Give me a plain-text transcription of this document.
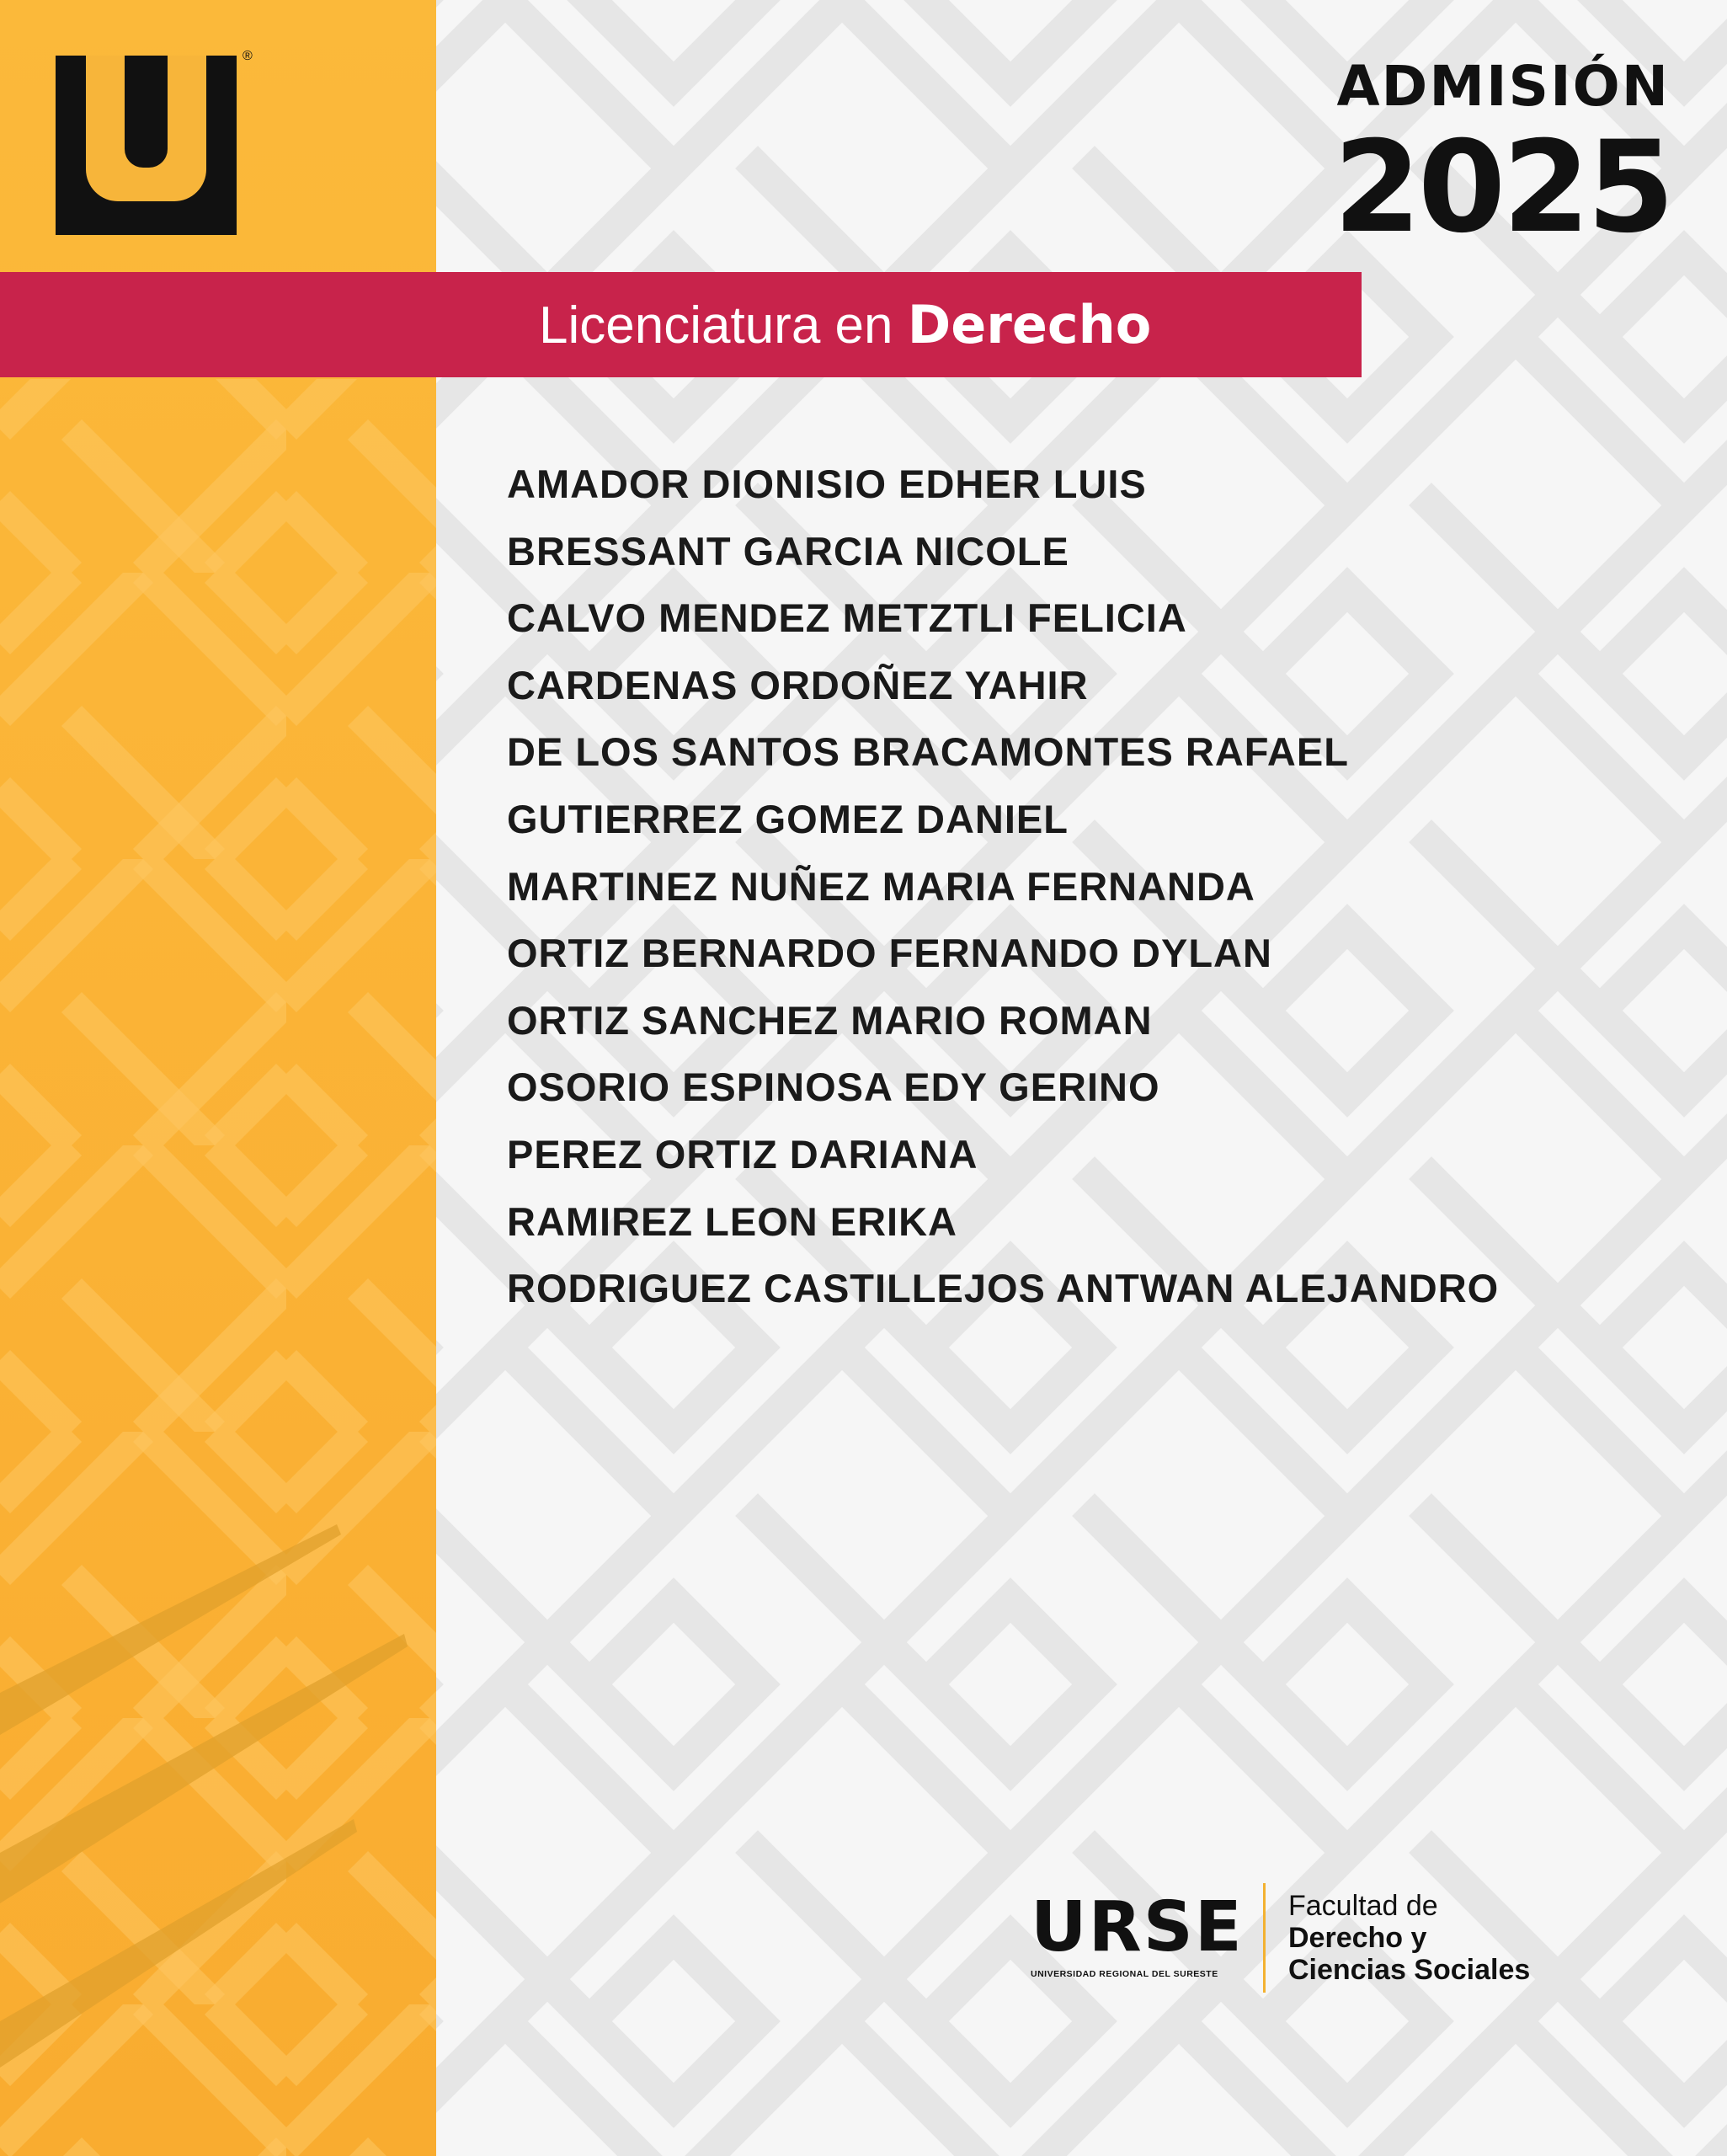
®	ADMISIÓN
2025
Licenciatura en Derecho
AMADOR DIONISIO EDHER LUIS
BRESSANT GARCIA NICOLE
CALVO MENDEZ METZTLI FELICIA
CARDENAS ORDOÑEZ YAHIR
DE LOS SANTOS BRACAMONTES RAFAEL
GUTIERREZ GOMEZ DANIEL
MARTINEZ NUÑEZ MARIA FERNANDA
ORTIZ BERNARDO FERNANDO DYLAN
ORTIZ SANCHEZ MARIO ROMAN
OSORIO ESPINOSA EDY GERINO
PEREZ ORTIZ DARIANA
RAMIREZ LEON ERIKA
RODRIGUEZ CASTILLEJOS ANTWAN ALEJANDRO
URSE
UNIVERSIDAD REGIONAL DEL SURESTE
Facultad de
Derecho y
Ciencias Sociales
